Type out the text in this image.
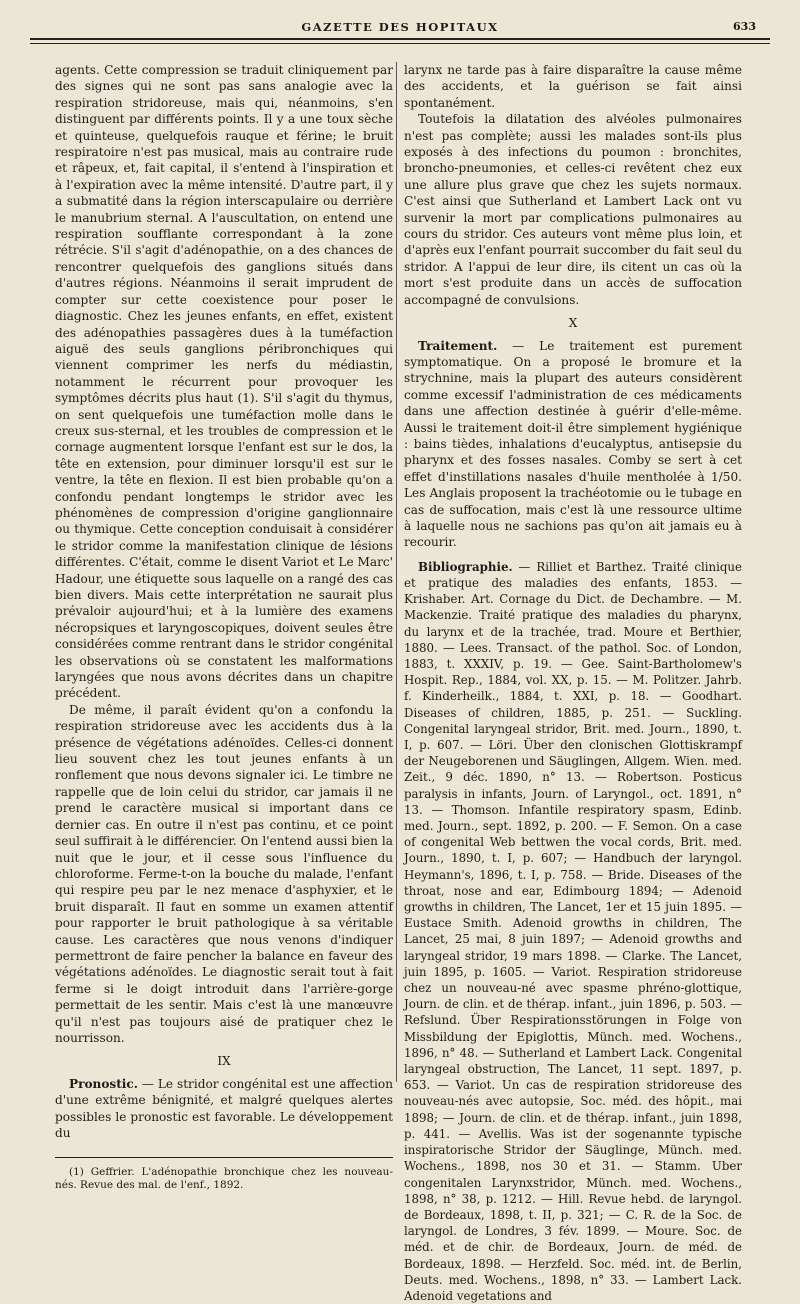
GAZETTE DES HOPITAUX	633

agents. Cette compression se traduit cliniquement par des signes qui ne sont pas sans analogie avec la respiration stridoreuse, mais qui, néanmoins, s'en distinguent par différents points. Il y a une toux sèche et quinteuse, quelquefois rauque et férine; le bruit respiratoire n'est pas musical, mais au contraire rude et râpeux, et, fait capital, il s'entend à l'inspiration et à l'expiration avec la même intensité. D'autre part, il y a submatité dans la région interscapulaire ou derrière le manubrium sternal. A l'auscultation, on entend une respiration soufflante correspondant à la zone rétrécie. S'il s'agit d'adénopathie, on a des chances de rencontrer quelquefois des ganglions situés dans d'autres régions. Néanmoins il serait imprudent de compter sur cette coexistence pour poser le diagnostic. Chez les jeunes enfants, en effet, existent des adénopathies passagères dues à la tuméfaction aiguë des seuls ganglions péribronchiques qui viennent comprimer les nerfs du médiastin, notamment le récurrent pour provoquer les symptômes décrits plus haut (1). S'il s'agit du thymus, on sent quelquefois une tuméfaction molle dans le creux sus-sternal, et les troubles de compression et le cornage augmentent lorsque l'enfant est sur le dos, la tête en extension, pour diminuer lorsqu'il est sur le ventre, la tête en flexion. Il est bien probable qu'on a confondu pendant longtemps le stridor avec les phénomènes de compression d'origine ganglionnaire ou thymique. Cette conception conduisait à considérer le stridor comme la manifestation clinique de lésions différentes. C'était, comme le disent Variot et Le Marc' Hadour, une étiquette sous laquelle on a rangé des cas bien divers. Mais cette interprétation ne saurait plus prévaloir aujourd'hui; et à la lumière des examens nécropsiques et laryngoscopiques, doivent seules être considérées comme rentrant dans le stridor congénital les observations où se constatent les malformations laryngées que nous avons décrites dans un chapitre précédent.

De même, il paraît évident qu'on a confondu la respiration stridoreuse avec les accidents dus à la présence de végétations adénoïdes. Celles-ci donnent lieu souvent chez les tout jeunes enfants à un ronflement que nous devons signaler ici. Le timbre ne rappelle que de loin celui du stridor, car jamais il ne prend le caractère musical si important dans ce dernier cas. En outre il n'est pas continu, et ce point seul suffirait à le différencier. On l'entend aussi bien la nuit que le jour, et il cesse sous l'influence du chloroforme. Ferme-t-on la bouche du malade, l'enfant qui respire peu par le nez menace d'asphyxier, et le bruit disparaît. Il faut en somme un examen attentif pour rapporter le bruit pathologique à sa véritable cause. Les caractères que nous venons d'indiquer permettront de faire pencher la balance en faveur des végétations adénoïdes. Le diagnostic serait tout à fait ferme si le doigt introduit dans l'arrière-gorge permettait de les sentir. Mais c'est là une manœuvre qu'il n'est pas toujours aisé de pratiquer chez le nourrisson.

IX

Pronostic. — Le stridor congénital est une affection d'une extrême bénignité, et malgré quelques alertes possibles le pronostic est favorable. Le développement du

(1) Geffrier. L'adénopathie bronchique chez les nouveau-nés. Revue des mal. de l'enf., 1892.

larynx ne tarde pas à faire disparaître la cause même des accidents, et la guérison se fait ainsi spontanément.

Toutefois la dilatation des alvéoles pulmonaires n'est pas complète; aussi les malades sont-ils plus exposés à des infections du poumon : bronchites, broncho-pneumonies, et celles-ci revêtent chez eux une allure plus grave que chez les sujets normaux. C'est ainsi que Sutherland et Lambert Lack ont vu survenir la mort par complications pulmonaires au cours du stridor. Ces auteurs vont même plus loin, et d'après eux l'enfant pourrait succomber du fait seul du stridor. A l'appui de leur dire, ils citent un cas où la mort s'est produite dans un accès de suffocation accompagné de convulsions.

X

Traitement. — Le traitement est purement symptomatique. On a proposé le bromure et la strychnine, mais la plupart des auteurs considèrent comme excessif l'administration de ces médicaments dans une affection destinée à guérir d'elle-même. Aussi le traitement doit-il être simplement hygiénique : bains tièdes, inhalations d'eucalyptus, antisepsie du pharynx et des fosses nasales. Comby se sert à cet effet d'instillations nasales d'huile mentholée à 1/50. Les Anglais proposent la trachéotomie ou le tubage en cas de suffocation, mais c'est là une ressource ultime à laquelle nous ne sachions pas qu'on ait jamais eu à recourir.

Bibliographie. — Rilliet et Barthez. Traité clinique et pratique des maladies des enfants, 1853. — Krishaber. Art. Cornage du Dict. de Dechambre. — M. Mackenzie. Traité pratique des maladies du pharynx, du larynx et de la trachée, trad. Moure et Berthier, 1880. — Lees. Transact. of the pathol. Soc. of London, 1883, t. XXXIV, p. 19. — Gee. Saint-Bartholomew's Hospit. Rep., 1884, vol. XX, p. 15. — M. Politzer. Jahrb. f. Kinderheilk., 1884, t. XXI, p. 18. — Goodhart. Diseases of children, 1885, p. 251. — Suckling. Congenital laryngeal stridor, Brit. med. Journ., 1890, t. I, p. 607. — Löri. Über den clonischen Glottiskrampf der Neugeborenen und Säuglingen, Allgem. Wien. med. Zeit., 9 déc. 1890, n° 13. — Robertson. Posticus paralysis in infants, Journ. of Laryngol., oct. 1891, n° 13. — Thomson. Infantile respiratory spasm, Edinb. med. Journ., sept. 1892, p. 200. — F. Semon. On a case of congenital Web bettwen the vocal cords, Brit. med. Journ., 1890, t. I, p. 607; — Handbuch der laryngol. Heymann's, 1896, t. I, p. 758. — Bride. Diseases of the throat, nose and ear, Edimbourg 1894; — Adenoid growths in children, The Lancet, 1er et 15 juin 1895. — Eustace Smith. Adenoid growths in children, The Lancet, 25 mai, 8 juin 1897; — Adenoid growths and laryngeal stridor, 19 mars 1898. — Clarke. The Lancet, juin 1895, p. 1605. — Variot. Respiration stridoreuse chez un nouveau-né avec spasme phréno-glottique, Journ. de clin. et de thérap. infant., juin 1896, p. 503. — Refslund. Über Respirationsstörungen in Folge von Missbildung der Epiglottis, Münch. med. Wochens., 1896, n° 48. — Sutherland et Lambert Lack. Congenital laryngeal obstruction, The Lancet, 11 sept. 1897, p. 653. — Variot. Un cas de respiration stridoreuse des nouveau-nés avec autopsie, Soc. méd. des hôpit., mai 1898; — Journ. de clin. et de thérap. infant., juin 1898, p. 441. — Avellis. Was ist der sogenannte typische inspiratorische Stridor der Säuglinge, Münch. med. Wochens., 1898, nos 30 et 31. — Stamm. Uber congenitalen Larynxstridor, Münch. med. Wochens., 1898, n° 38, p. 1212. — Hill. Revue hebd. de laryngol. de Bordeaux, 1898, t. II, p. 321; — C. R. de la Soc. de laryngol. de Londres, 3 fév. 1899. — Moure. Soc. de méd. et de chir. de Bordeaux, Journ. de méd. de Bordeaux, 1898. — Herzfeld. Soc. méd. int. de Berlin, Deuts. med. Wochens., 1898, n° 33. — Lambert Lack. Adenoid vegetations and
